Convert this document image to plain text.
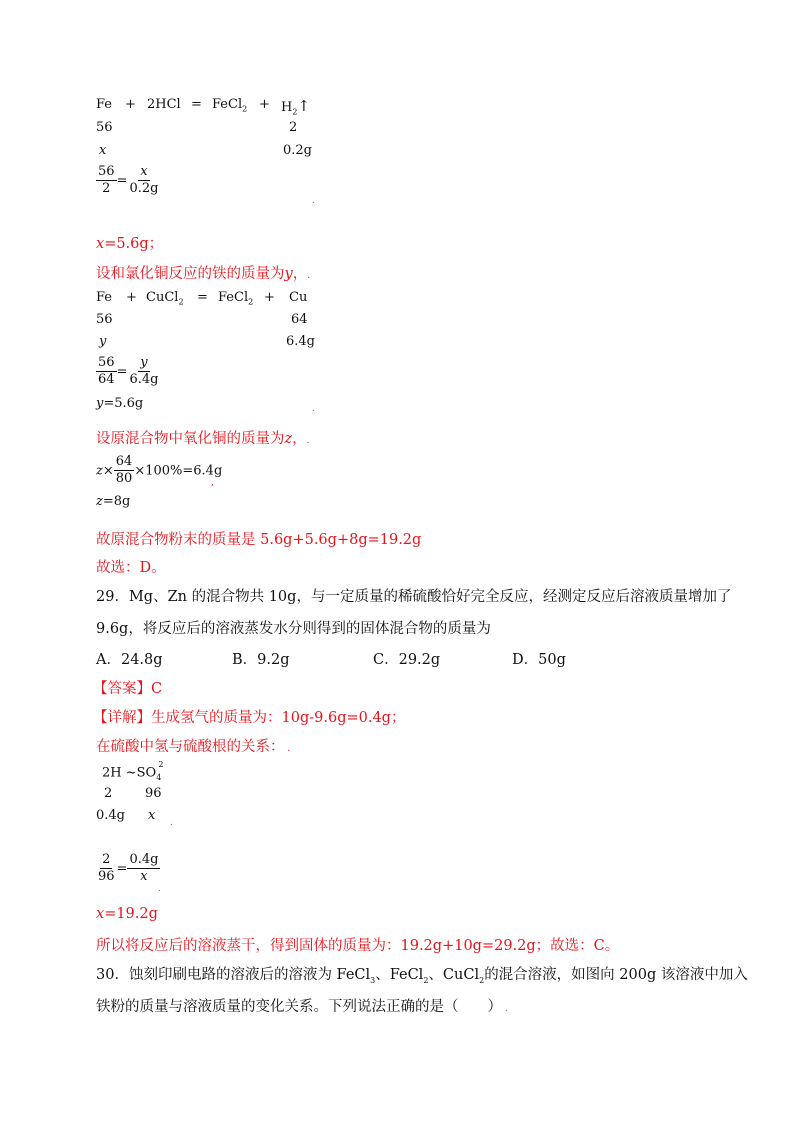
Fe + 2HCl = FeCl$_2$ + $H_2↑$
56	2
x	0.2g
$\frac{56}{2} = \frac{x}{0.2g}$
.
x=5.6g；
设和氯化铜反应的铁的质量为y，.
Fe + CuCl$_2$ = FeCl$_2$ + Cu
56	64
y	6.4g
$\frac{56}{64} = \frac{y}{6.4g}$
y=5.6g	.
设原混合物中氧化铜的质量为z，.
$z\times \frac{64}{80} \times 100\%=6.4g$
,
z=8g
故原混合物粉末的质量是 5.6g+5.6g+8g=19.2g
故选：D。
29．Mg、Zn 的混合物共 10g，与一定质量的稀硫酸恰好完全反应，经测定反应后溶液质量增加了
9.6g，将反应后的溶液蒸发水分则得到的固体混合物的质量为
A．24.8g	B．9.2g	C．29.2g	D．50g
【答案】C
【详解】生成氢气的质量为：10g-9.6g=0.4g；
在硫酸中氢与硫酸根的关系： .
2H $\sim SO_4^2$
2	96
0.4g x .
$\frac{2}{96} = \frac{0.4g}{x}$
.
x=19.2g
所以将反应后的溶液蒸干，得到固体的质量为：19.2g+10g=29.2g；故选：C。
30．蚀刻印刷电路的溶液后的溶液为 FeCl$_3$、FeCl$_2$、CuCl$_2$的混合溶液，如图向 200g 该溶液中加入
铁粉的质量与溶液质量的变化关系。下列说法正确的是（　　） .
